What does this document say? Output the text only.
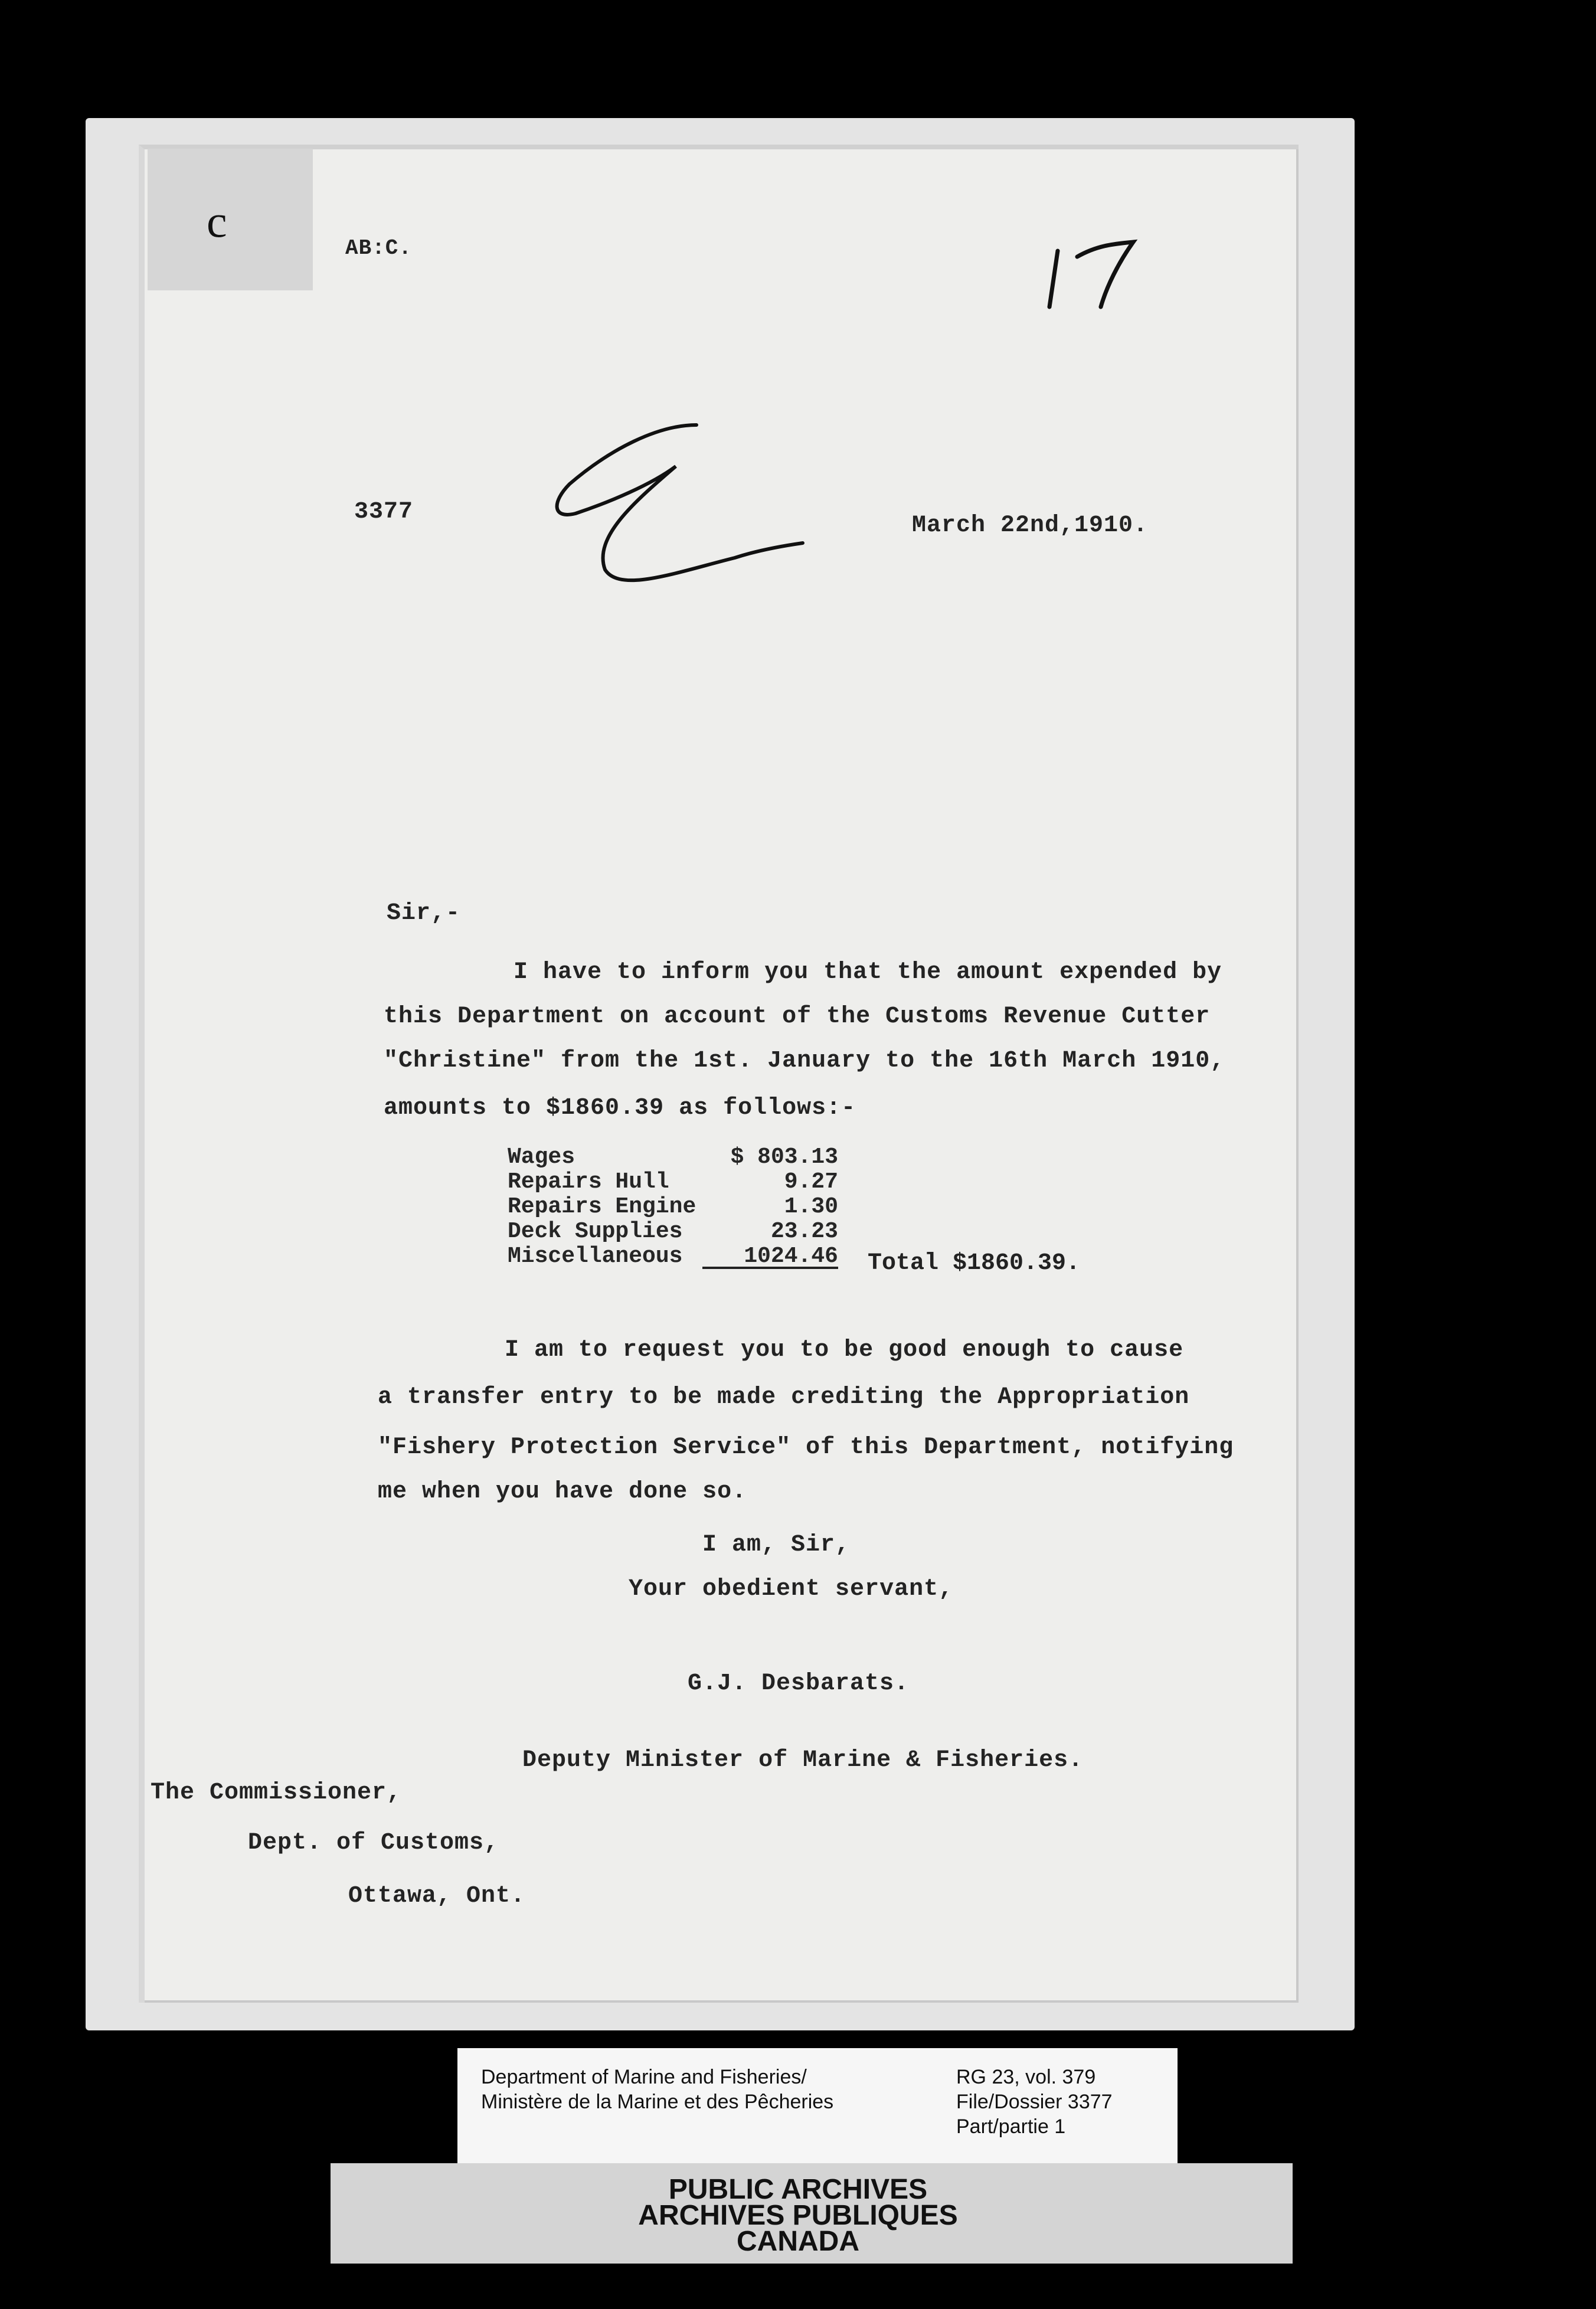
c
AB:C.
3377
March 22nd,1910.
Sir,-
I have to inform you that the amount expended by
this Department on account of the Customs Revenue Cutter
"Christine" from the 1st. January to the 16th March 1910,
amounts to $1860.39 as follows:-
Wages	$ 803.13
Repairs Hull	9.27
Repairs Engine	1.30
Deck Supplies	23.23
Miscellaneous	1024.46 Total $1860.39.
I am to request you to be good enough to cause
a transfer entry to be made crediting the Appropriation
"Fishery Protection Service" of this Department, notifying
me when you have done so.
I am, Sir,
Your obedient servant,
G.J. Desbarats.
Deputy Minister of Marine & Fisheries.
The Commissioner,
Dept. of Customs,
Ottawa, Ont.
Department of Marine and Fisheries/
Ministère de la Marine et des Pêcheries
RG 23, vol. 379
File/Dossier 3377
Part/partie 1
PUBLIC ARCHIVES
ARCHIVES PUBLIQUES
CANADA
